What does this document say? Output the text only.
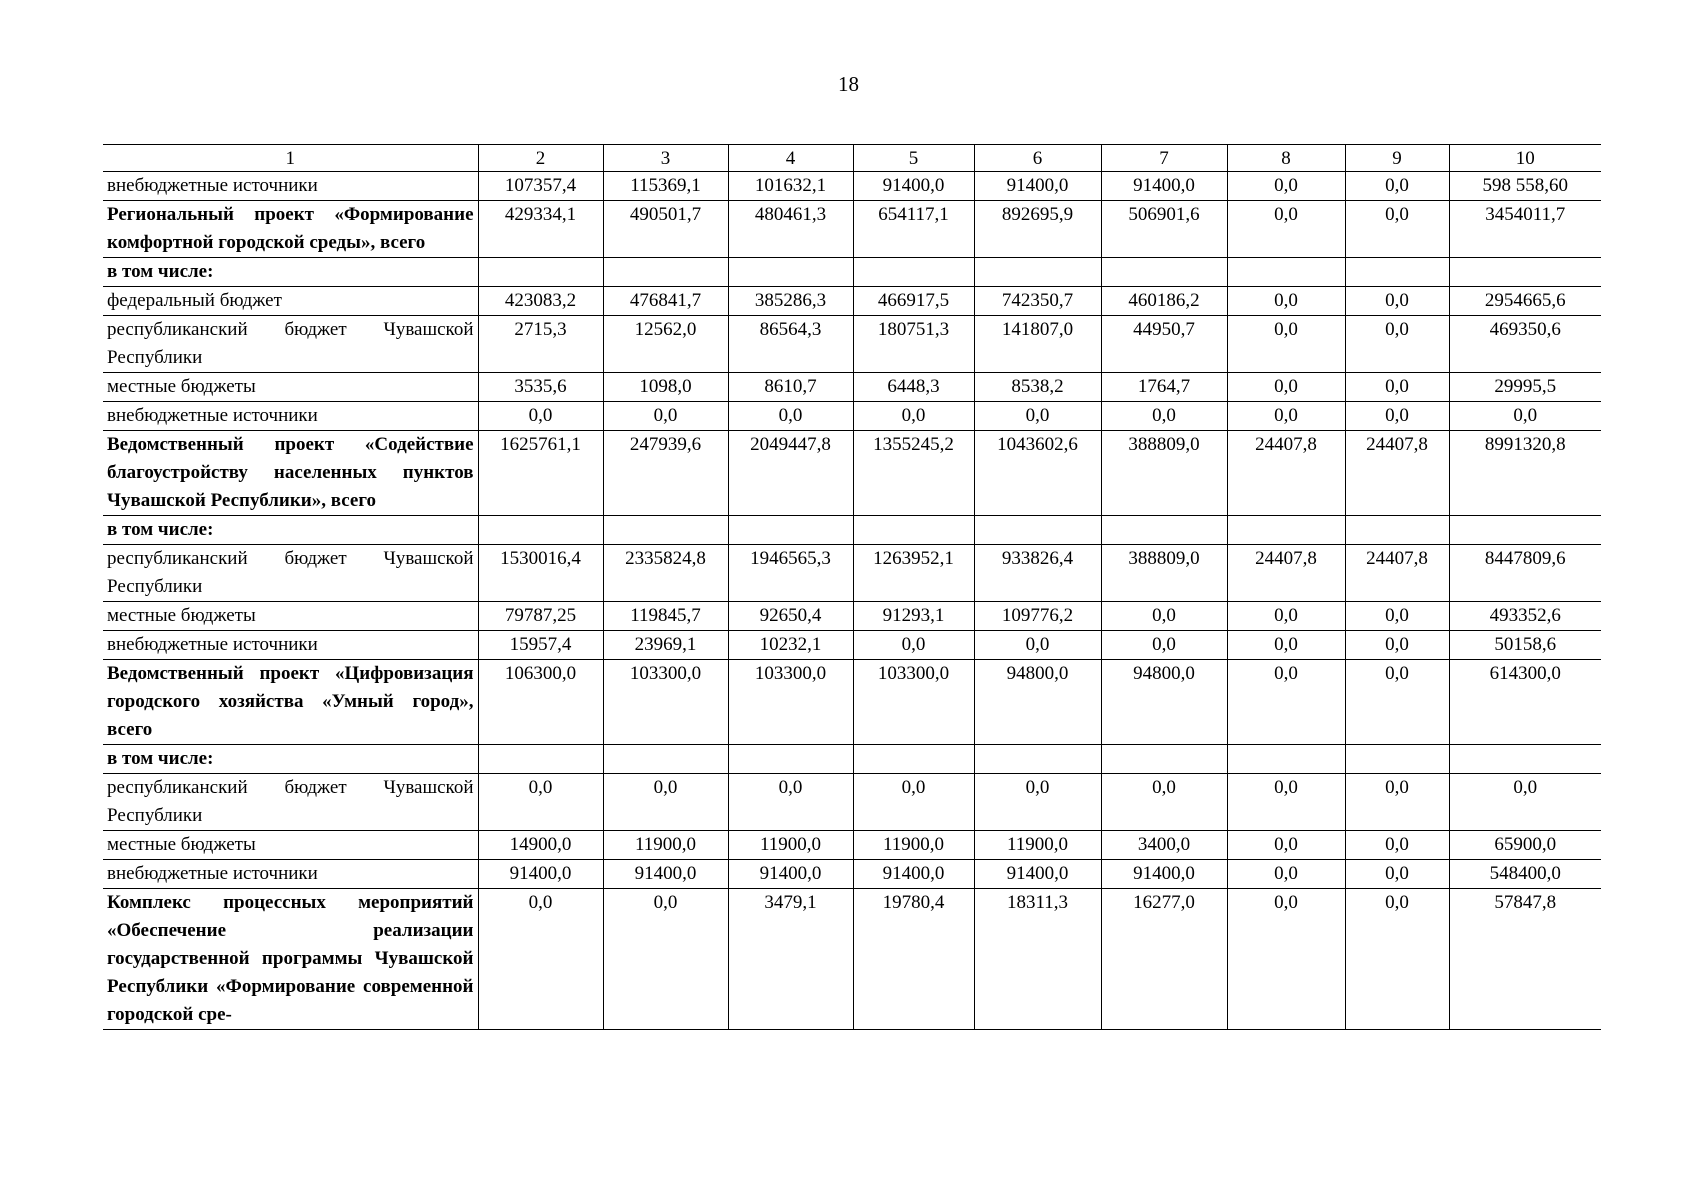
18
1	2	3	4	5	6	7	8	9	10
внебюджетные источники	107357,4	115369,1	101632,1	91400,0	91400,0	91400,0	0,0	0,0	598 558,60
Региональный проект «Формирование комфортной городской среды», всего	429334,1	490501,7	480461,3	654117,1	892695,9	506901,6	0,0	0,0	3454011,7
в том числе:									
федеральный бюджет	423083,2	476841,7	385286,3	466917,5	742350,7	460186,2	0,0	0,0	2954665,6
республиканский бюджет Чувашской Республики	2715,3	12562,0	86564,3	180751,3	141807,0	44950,7	0,0	0,0	469350,6
местные бюджеты	3535,6	1098,0	8610,7	6448,3	8538,2	1764,7	0,0	0,0	29995,5
внебюджетные источники	0,0	0,0	0,0	0,0	0,0	0,0	0,0	0,0	0,0
Ведомственный проект «Содействие благоустройству населенных пунктов Чувашской Республики», всего	1625761,1	247939,6	2049447,8	1355245,2	1043602,6	388809,0	24407,8	24407,8	8991320,8
в том числе:									
республиканский бюджет Чувашской Республики	1530016,4	2335824,8	1946565,3	1263952,1	933826,4	388809,0	24407,8	24407,8	8447809,6
местные бюджеты	79787,25	119845,7	92650,4	91293,1	109776,2	0,0	0,0	0,0	493352,6
внебюджетные источники	15957,4	23969,1	10232,1	0,0	0,0	0,0	0,0	0,0	50158,6
Ведомственный проект «Цифровизация городского хозяйства «Умный город», всего	106300,0	103300,0	103300,0	103300,0	94800,0	94800,0	0,0	0,0	614300,0
в том числе:									
республиканский бюджет Чувашской Республики	0,0	0,0	0,0	0,0	0,0	0,0	0,0	0,0	0,0
местные бюджеты	14900,0	11900,0	11900,0	11900,0	11900,0	3400,0	0,0	0,0	65900,0
внебюджетные источники	91400,0	91400,0	91400,0	91400,0	91400,0	91400,0	0,0	0,0	548400,0
Комплекс процессных мероприятий «Обеспечение реализации государственной программы Чувашской Республики «Формирование современной городской сре-	0,0	0,0	3479,1	19780,4	18311,3	16277,0	0,0	0,0	57847,8
